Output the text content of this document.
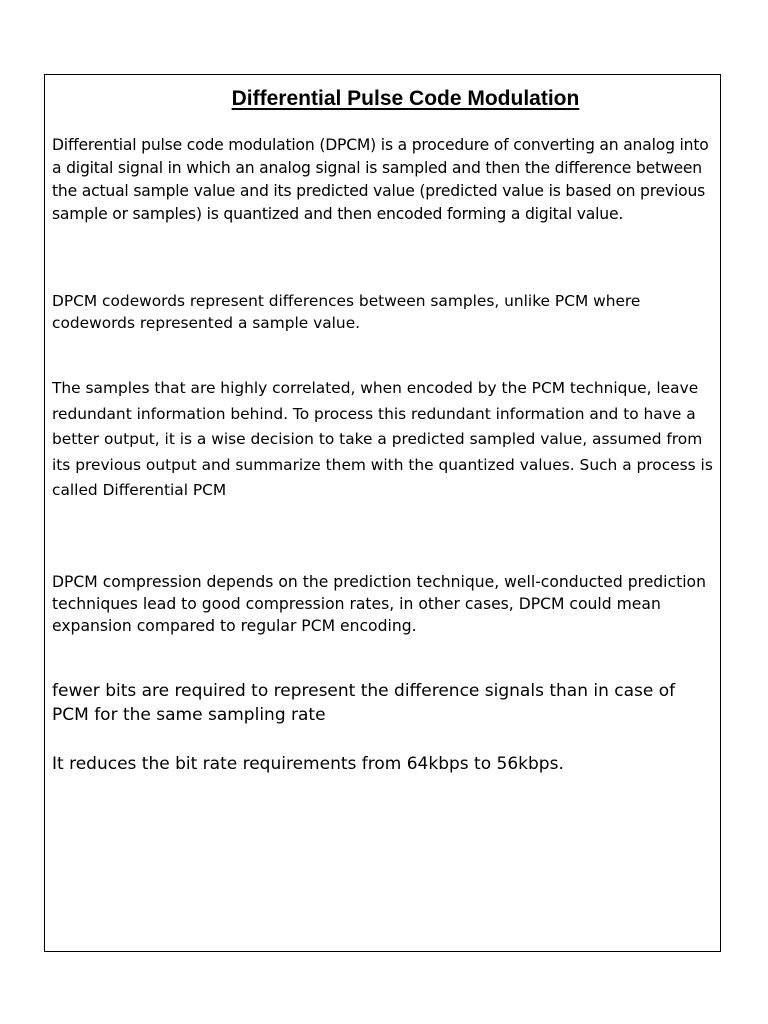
Differential Pulse Code Modulation

Differential pulse code modulation (DPCM) is a procedure of converting an analog into a digital signal in which an analog signal is sampled and then the difference between the actual sample value and its predicted value (predicted value is based on previous sample or samples) is quantized and then encoded forming a digital value.

DPCM codewords represent differences between samples, unlike PCM where codewords represented a sample value.

The samples that are highly correlated, when encoded by the PCM technique, leave redundant information behind. To process this redundant information and to have a better output, it is a wise decision to take a predicted sampled value, assumed from its previous output and summarize them with the quantized values. Such a process is called Differential PCM

DPCM compression depends on the prediction technique, well-conducted prediction techniques lead to good compression rates, in other cases, DPCM could mean expansion compared to regular PCM encoding.

fewer bits are required to represent the difference signals than in case of PCM for the same sampling rate

It reduces the bit rate requirements from 64kbps to 56kbps.
